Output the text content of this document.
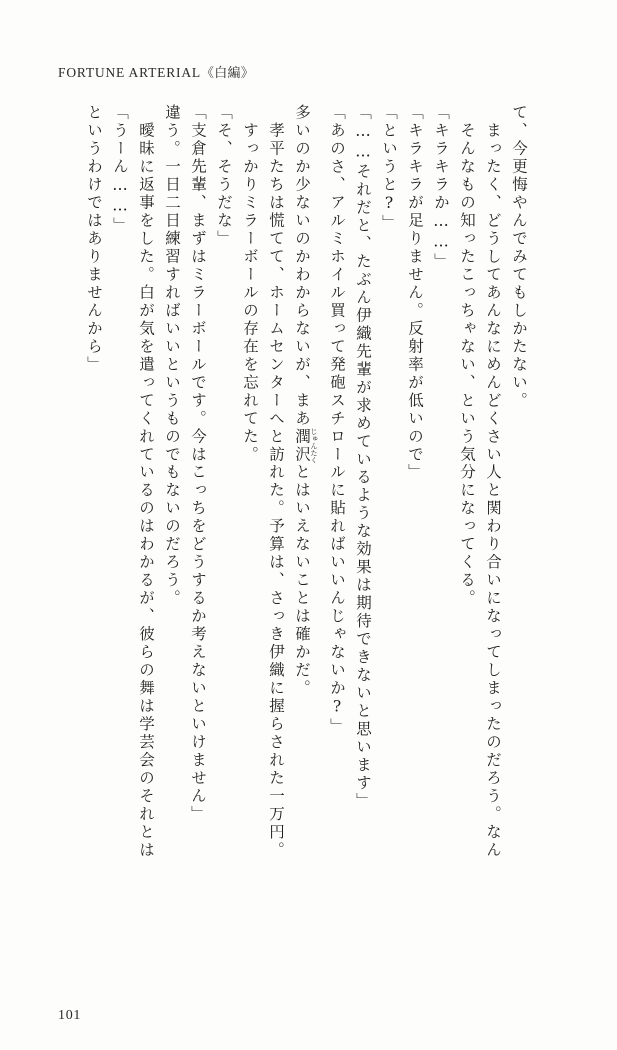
FORTUNE ARTERIAL《白編》
というわけではありませんから」 「うーん……」 　曖昧に返事をした。白が気を遣ってくれているのはわかるが、彼らの舞は学芸会のそれとは 違う。一日二日練習すればいいというものでもないのだろう。 「支倉先輩、まずはミラーボールです。今はこっちをどうするか考えないといけません」 「そ、そうだな」 　すっかりミラーボールの存在を忘れてた。 　孝平たちは慌てて、ホームセンターへと訪れた。予算は、さっき伊織に握らされた一万円。 多いのか少ないのかわからないが、まあ潤沢 じゅんたくとはいえないことは確かだ。	「あのさ、アルミホイル買って発砲スチロールに貼ればいいんじゃないか?」 「……それだと、たぶん伊織先輩が求めているような効果は期待できないと思います」 「というと?」 「キラキラが足りません。反射率が低いので」 「キラキラか……」 　そんなもの知ったこっちゃない、という気分になってくる。 　まったく、どうしてあんなにめんどくさい人と関わり合いになってしまったのだろう。なん て、今更悔やんでみてもしかたない。
101
